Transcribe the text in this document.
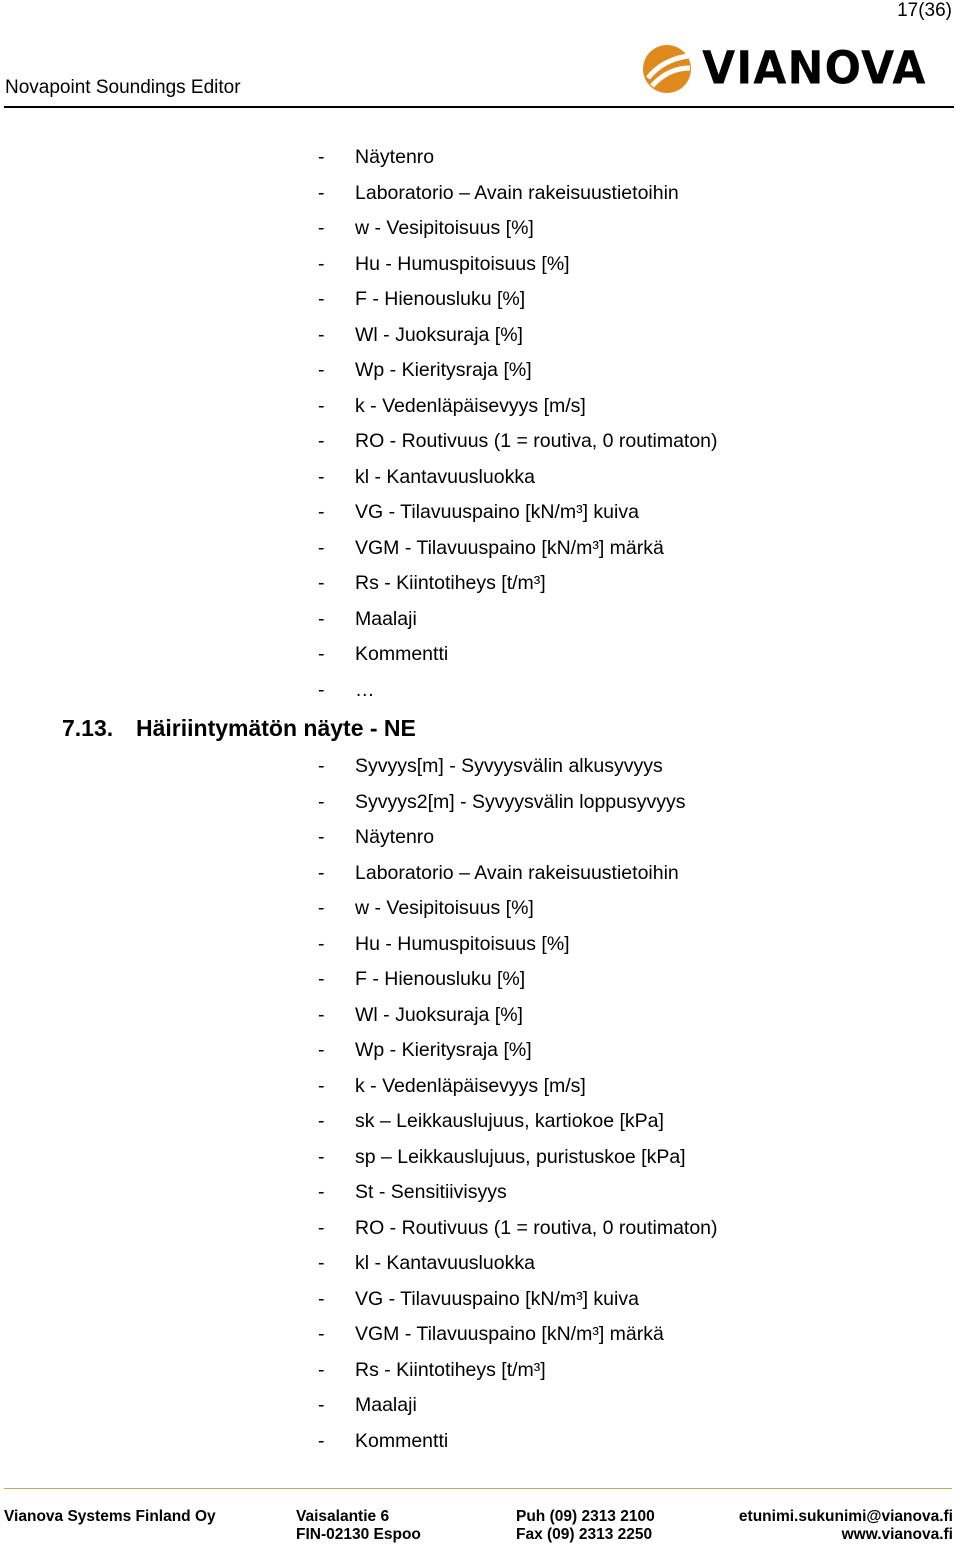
17(36)
Novapoint Soundings Editor	VIANOVA
- Näytenro
- Laboratorio – Avain rakeisuustietoihin
- w - Vesipitoisuus [%]
- Hu - Humuspitoisuus [%]
- F - Hienousluku [%]
- Wl - Juoksuraja [%]
- Wp - Kieritysraja [%]
- k - Vedenläpäisevyys [m/s]
- RO - Routivuus (1 = routiva, 0 routimaton)
- kl - Kantavuusluokka
- VG - Tilavuuspaino [kN/m³] kuiva
- VGM - Tilavuuspaino [kN/m³] märkä
- Rs - Kiintotiheys [t/m³]
- Maalaji
- Kommentti
- …
7.13. Häiriintymätön näyte - NE
- Syvyys[m] - Syvyysvälin alkusyvyys
- Syvyys2[m] - Syvyysvälin loppusyvyys
- Näytenro
- Laboratorio – Avain rakeisuustietoihin
- w - Vesipitoisuus [%]
- Hu - Humuspitoisuus [%]
- F - Hienousluku [%]
- Wl - Juoksuraja [%]
- Wp - Kieritysraja [%]
- k - Vedenläpäisevyys [m/s]
- sk – Leikkauslujuus, kartiokoe [kPa]
- sp – Leikkauslujuus, puristuskoe [kPa]
- St - Sensitiivisyys
- RO - Routivuus (1 = routiva, 0 routimaton)
- kl - Kantavuusluokka
- VG - Tilavuuspaino [kN/m³] kuiva
- VGM - Tilavuuspaino [kN/m³] märkä
- Rs - Kiintotiheys [t/m³]
- Maalaji
- Kommentti
Vianova Systems Finland Oy	Vaisalantie 6
FIN-02130 Espoo
Puh (09) 2313 2100
Fax (09) 2313 2250
etunimi.sukunimi@vianova.fi
www.vianova.fi
